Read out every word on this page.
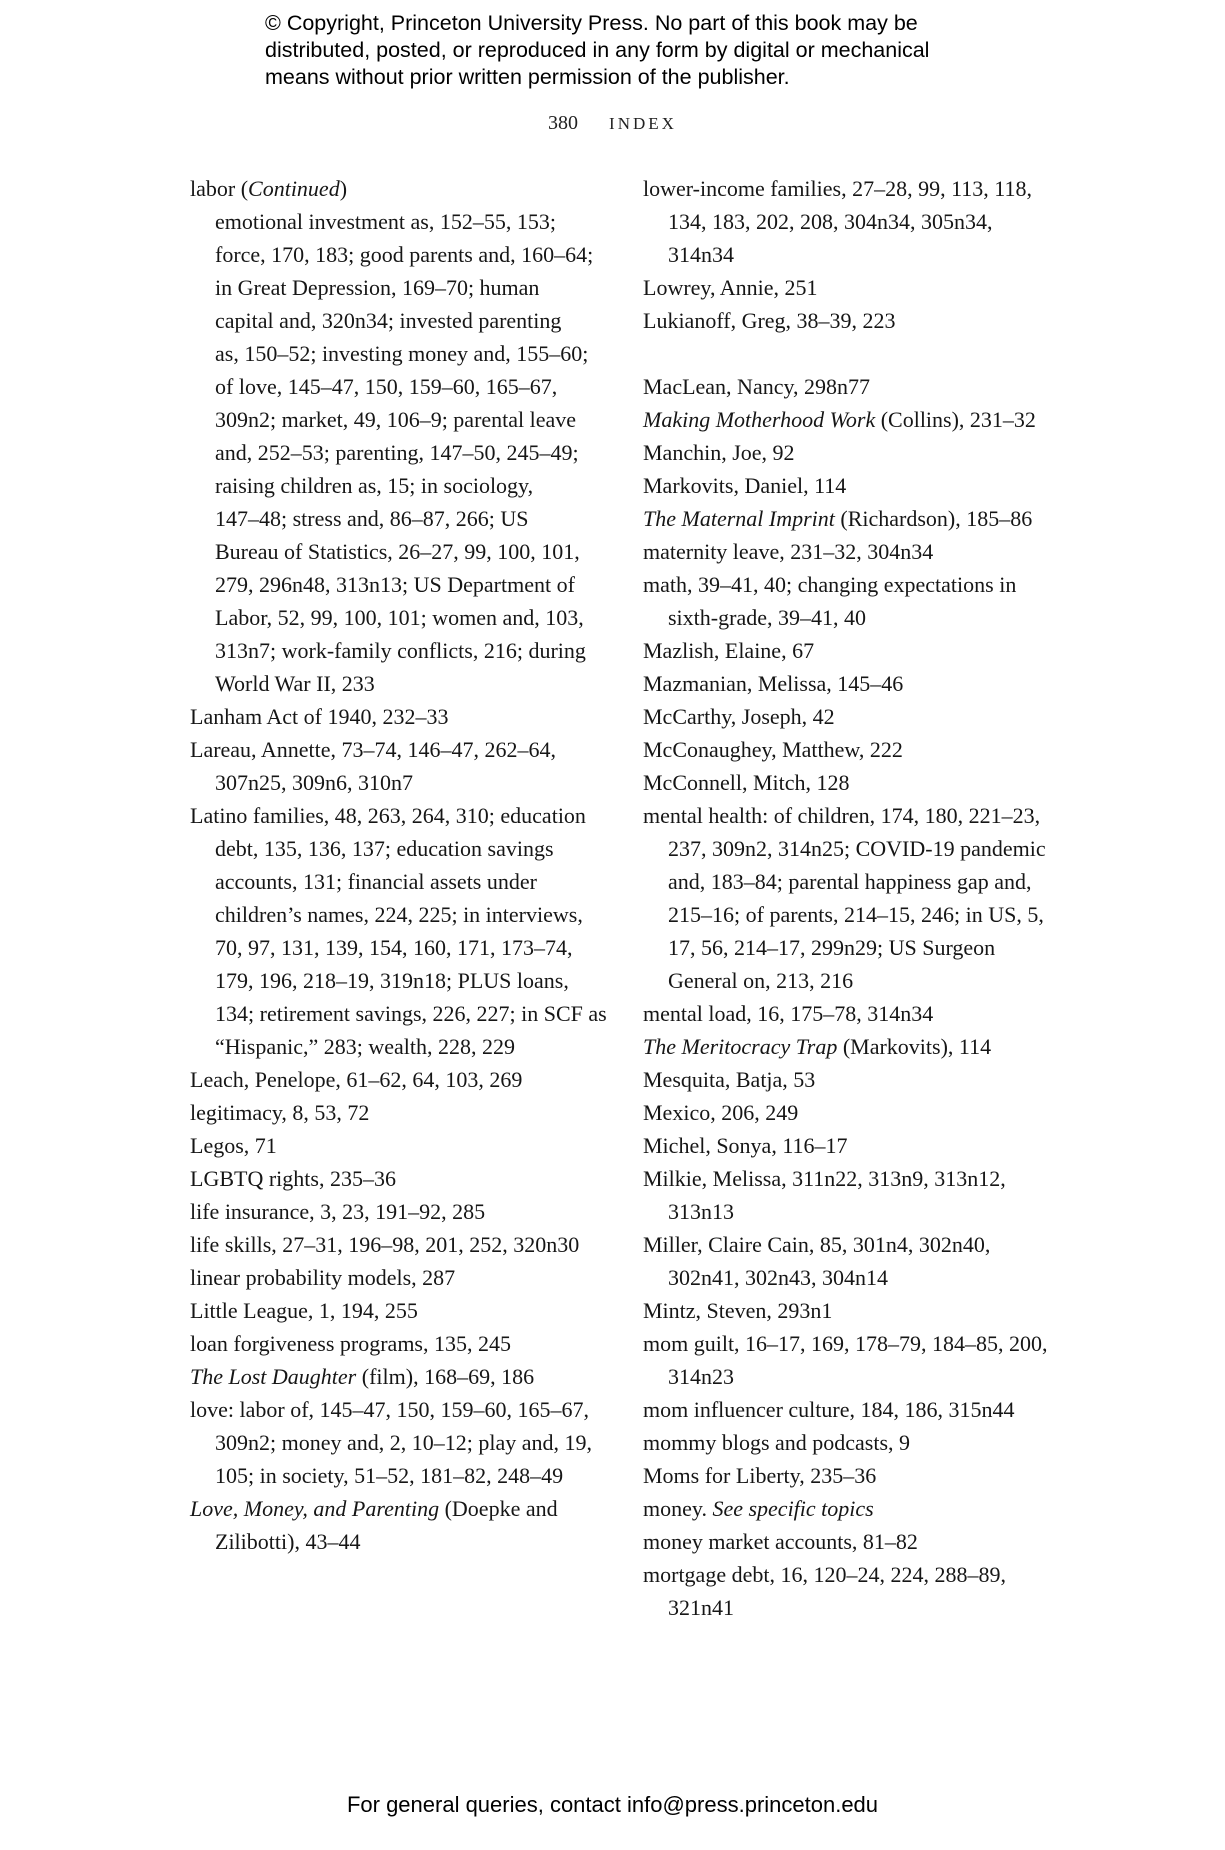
© Copyright, Princeton University Press. No part of this book may be
distributed, posted, or reproduced in any form by digital or mechanical
means without prior written permission of the publisher.
380 INDEX
labor (Continued)
emotional investment as, 152–55, 153;
force, 170, 183; good parents and, 160–64;
in Great Depression, 169–70; human
capital and, 320n34; invested parenting
as, 150–52; investing money and, 155–60;
of love, 145–47, 150, 159–60, 165–67,
309n2; market, 49, 106–9; parental leave
and, 252–53; parenting, 147–50, 245–49;
raising children as, 15; in sociology,
147–48; stress and, 86–87, 266; US
Bureau of Statistics, 26–27, 99, 100, 101,
279, 296n48, 313n13; US Department of
Labor, 52, 99, 100, 101; women and, 103,
313n7; work-family conflicts, 216; during
World War II, 233
Lanham Act of 1940, 232–33
Lareau, Annette, 73–74, 146–47, 262–64, 307n25, 309n6, 310n7
Latino families, 48, 263, 264, 310; education debt, 135, 136, 137; education savings accounts, 131; financial assets under children’s names, 224, 225; in interviews, 70, 97, 131, 139, 154, 160, 171, 173–74, 179, 196, 218–19, 319n18; PLUS loans, 134; retirement savings, 226, 227; in SCF as “Hispanic,” 283; wealth, 228, 229
Leach, Penelope, 61–62, 64, 103, 269
legitimacy, 8, 53, 72
Legos, 71
LGBTQ rights, 235–36
life insurance, 3, 23, 191–92, 285
life skills, 27–31, 196–98, 201, 252, 320n30
linear probability models, 287
Little League, 1, 194, 255
loan forgiveness programs, 135, 245
The Lost Daughter (film), 168–69, 186
love: labor of, 145–47, 150, 159–60, 165–67, 309n2; money and, 2, 10–12; play and, 19, 105; in society, 51–52, 181–82, 248–49
Love, Money, and Parenting (Doepke and Zilibotti), 43–44
lower-income families, 27–28, 99, 113, 118, 134, 183, 202, 208, 304n34, 305n34, 314n34
Lowrey, Annie, 251
Lukianoff, Greg, 38–39, 223
MacLean, Nancy, 298n77
Making Motherhood Work (Collins), 231–32
Manchin, Joe, 92
Markovits, Daniel, 114
The Maternal Imprint (Richardson), 185–86
maternity leave, 231–32, 304n34
math, 39–41, 40; changing expectations in sixth-grade, 39–41, 40
Mazlish, Elaine, 67
Mazmanian, Melissa, 145–46
McCarthy, Joseph, 42
McConaughey, Matthew, 222
McConnell, Mitch, 128
mental health: of children, 174, 180, 221–23, 237, 309n2, 314n25; COVID-19 pandemic and, 183–84; parental happiness gap and, 215–16; of parents, 214–15, 246; in US, 5, 17, 56, 214–17, 299n29; US Surgeon General on, 213, 216
mental load, 16, 175–78, 314n34
The Meritocracy Trap (Markovits), 114
Mesquita, Batja, 53
Mexico, 206, 249
Michel, Sonya, 116–17
Milkie, Melissa, 311n22, 313n9, 313n12, 313n13
Miller, Claire Cain, 85, 301n4, 302n40, 302n41, 302n43, 304n14
Mintz, Steven, 293n1
mom guilt, 16–17, 169, 178–79, 184–85, 200, 314n23
mom influencer culture, 184, 186, 315n44
mommy blogs and podcasts, 9
Moms for Liberty, 235–36
money. See specific topics
money market accounts, 81–82
mortgage debt, 16, 120–24, 224, 288–89, 321n41
For general queries, contact info@press.princeton.edu
